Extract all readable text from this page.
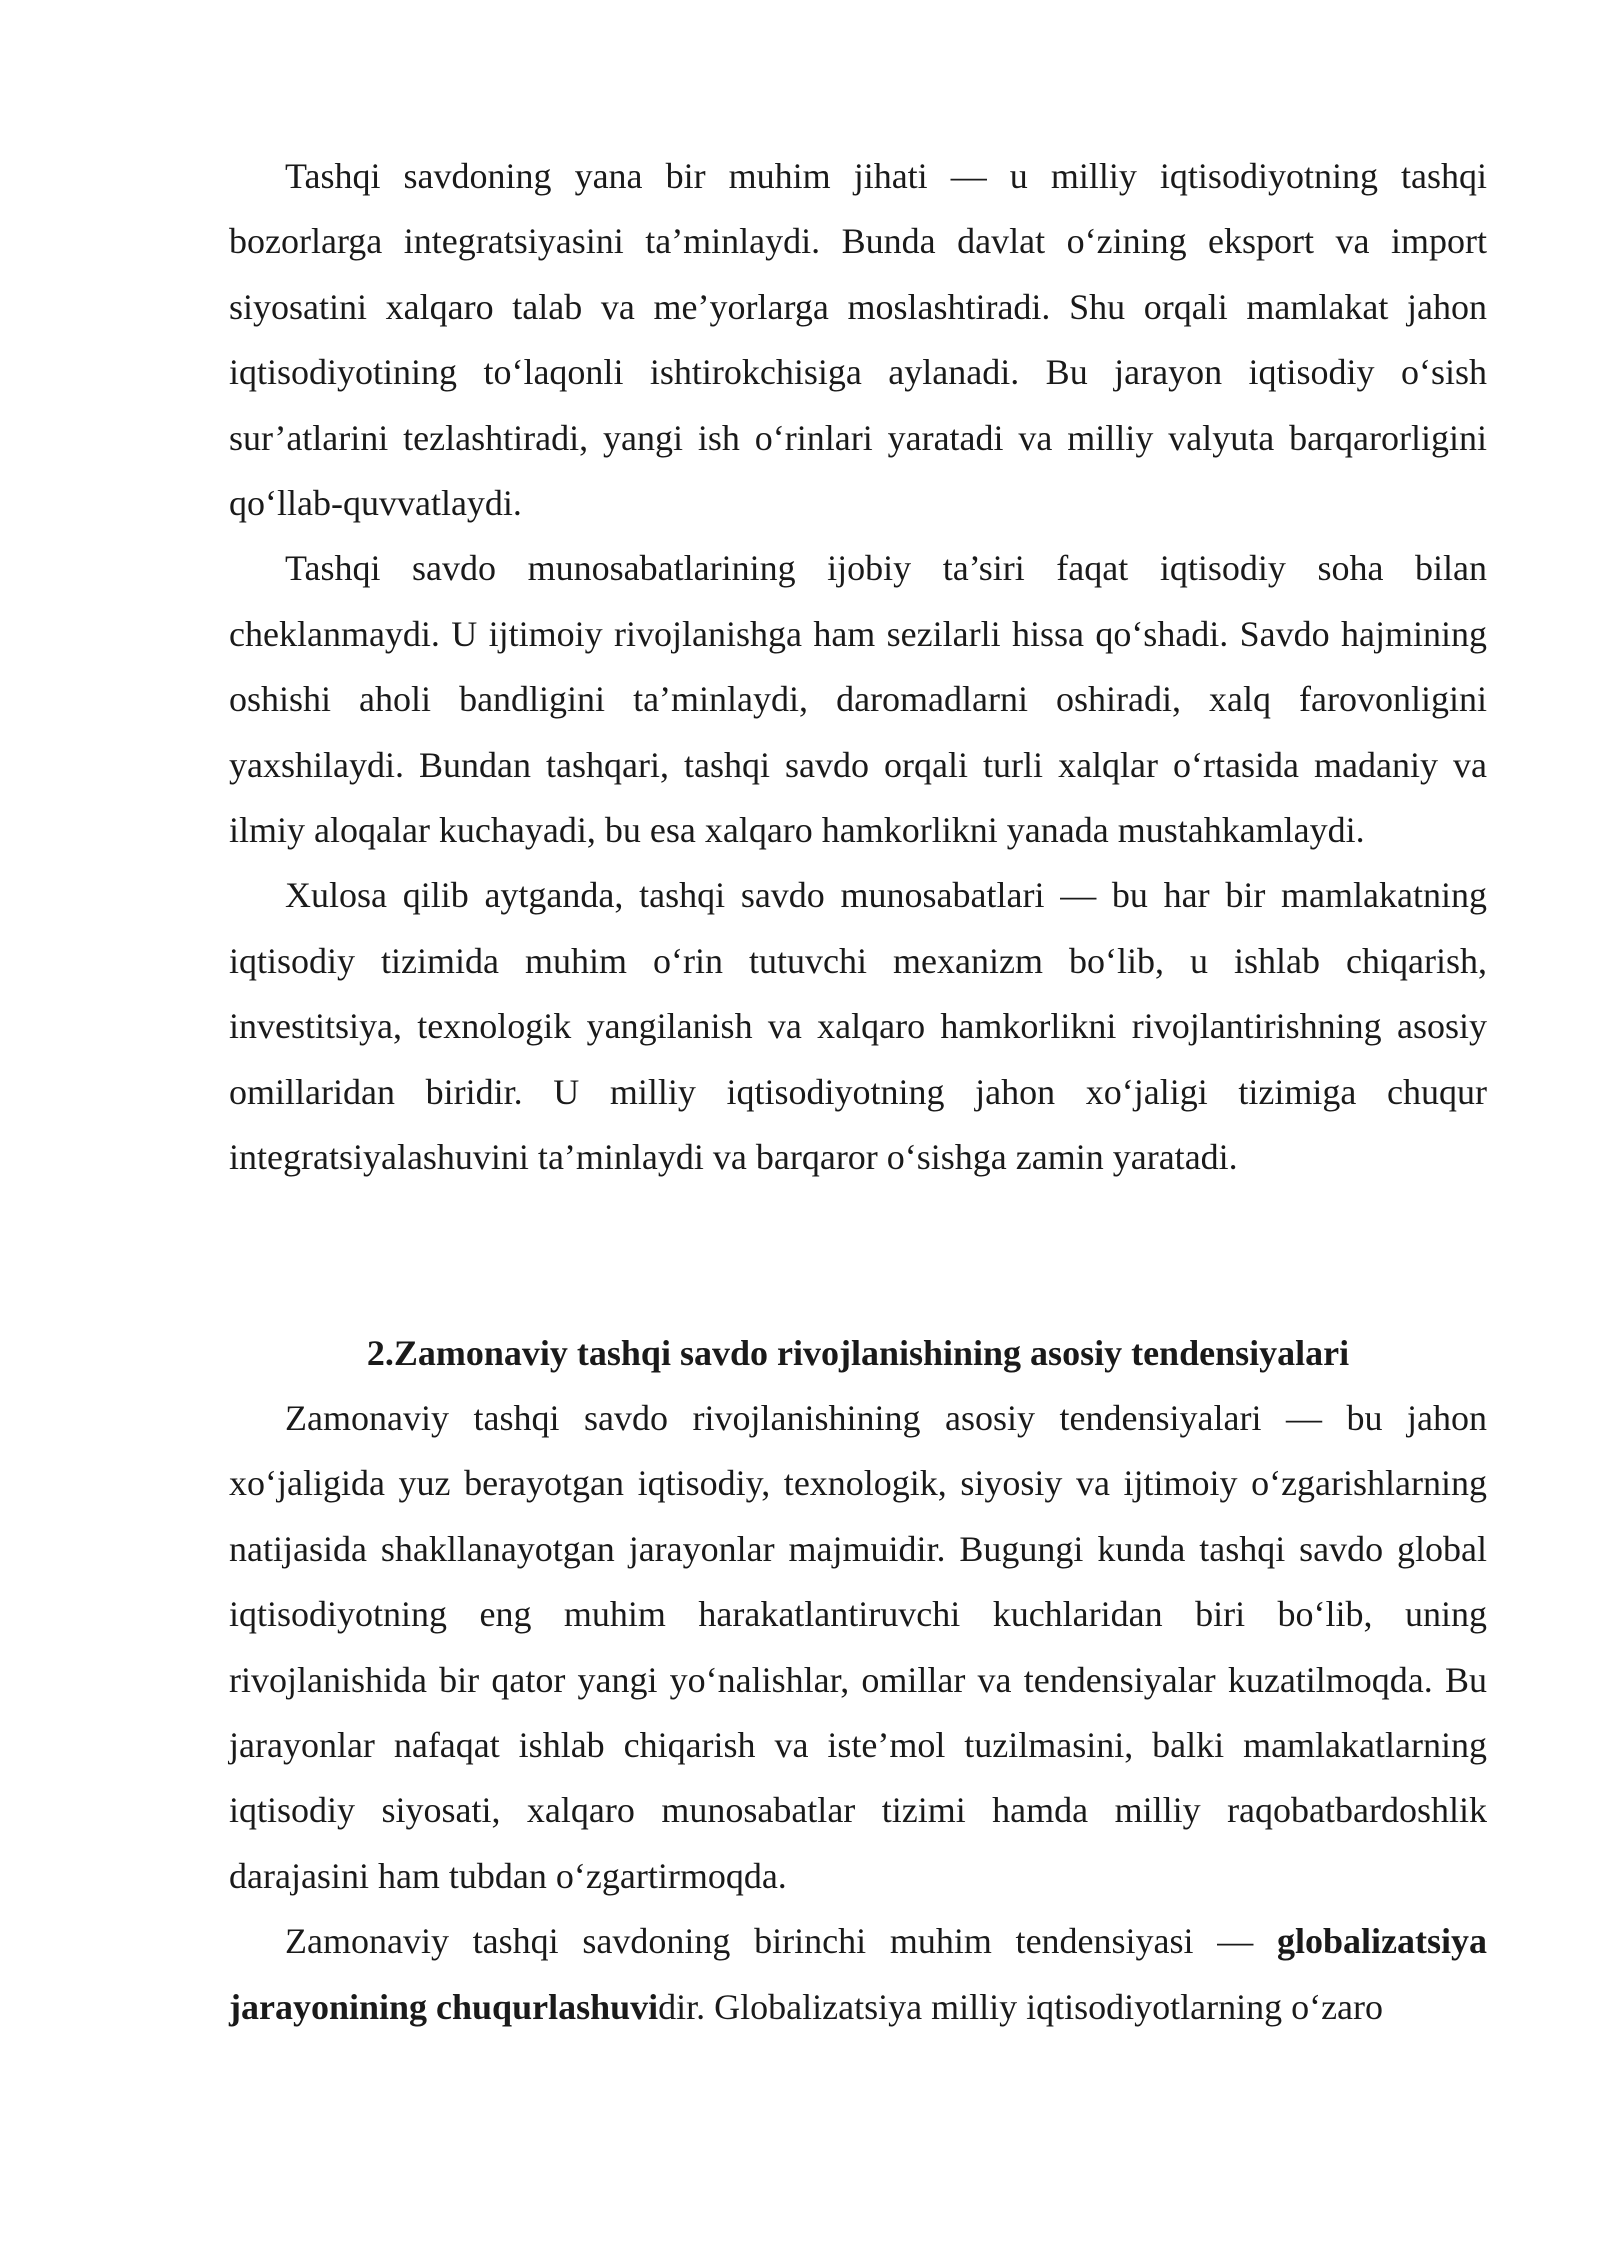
Tashqi savdoning yana bir muhim jihati — u milliy iqtisodiyotning tashqi bozorlarga integratsiyasini ta’minlaydi. Bunda davlat o‘zining eksport va import siyosatini xalqaro talab va me’yorlarga moslashtiradi. Shu orqali mamlakat jahon iqtisodiyotining to‘laqonli ishtirokchisiga aylanadi. Bu jarayon iqtisodiy o‘sish sur’atlarini tezlashtiradi, yangi ish o‘rinlari yaratadi va milliy valyuta barqarorligini qo‘llab-quvvatlaydi.

Tashqi savdo munosabatlarining ijobiy ta’siri faqat iqtisodiy soha bilan cheklanmaydi. U ijtimoiy rivojlanishga ham sezilarli hissa qo‘shadi. Savdo hajmining oshishi aholi bandligini ta’minlaydi, daromadlarni oshiradi, xalq farovonligini yaxshilaydi. Bundan tashqari, tashqi savdo orqali turli xalqlar o‘rtasida madaniy va ilmiy aloqalar kuchayadi, bu esa xalqaro hamkorlikni yanada mustahkamlaydi.

Xulosa qilib aytganda, tashqi savdo munosabatlari — bu har bir mamlakatning iqtisodiy tizimida muhim o‘rin tutuvchi mexanizm bo‘lib, u ishlab chiqarish, investitsiya, texnologik yangilanish va xalqaro hamkorlikni rivojlantirishning asosiy omillaridan biridir. U milliy iqtisodiyotning jahon xo‘jaligi tizimiga chuqur integratsiyalashuvini ta’minlaydi va barqaror o‘sishga zamin yaratadi.

2.Zamonaviy tashqi savdo rivojlanishining asosiy tendensiyalari

Zamonaviy tashqi savdo rivojlanishining asosiy tendensiyalari — bu jahon xo‘jaligida yuz berayotgan iqtisodiy, texnologik, siyosiy va ijtimoiy o‘zgarishlarning natijasida shakllanayotgan jarayonlar majmuidir. Bugungi kunda tashqi savdo global iqtisodiyotning eng muhim harakatlantiruvchi kuchlaridan biri bo‘lib, uning rivojlanishida bir qator yangi yo‘nalishlar, omillar va tendensiyalar kuzatilmoqda. Bu jarayonlar nafaqat ishlab chiqarish va iste’mol tuzilmasini, balki mamlakatlarning iqtisodiy siyosati, xalqaro munosabatlar tizimi hamda milliy raqobatbardoshlik darajasini ham tubdan o‘zgartirmoqda.

Zamonaviy tashqi savdoning birinchi muhim tendensiyasi — globalizatsiya jarayonining chuqurlashuvidir. Globalizatsiya milliy iqtisodiyotlarning o‘zaro
